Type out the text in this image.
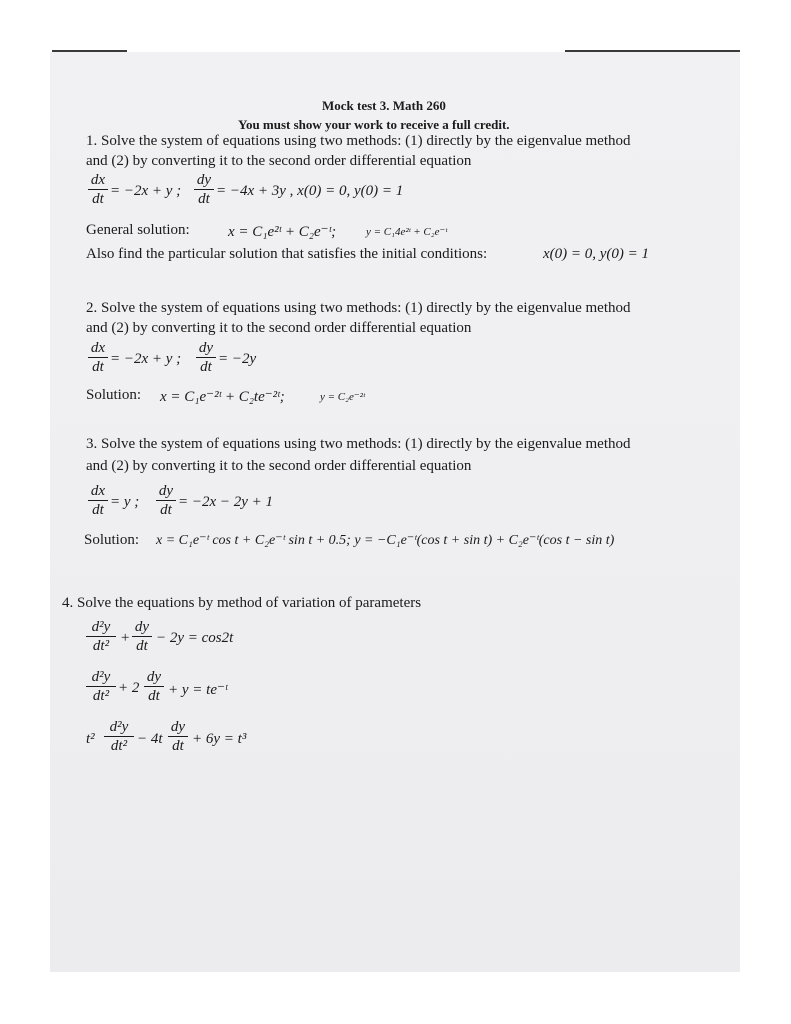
Mock test 3. Math 260
You must show your work to receive a full credit.
1. Solve the system of equations using two methods: (1) directly by the eigenvalue method
and (2) by converting it to the second order differential equation
dx
dt = −2x + y ;
dy
dt = −4x + 3y , x(0) = 0, y(0) = 1
General solution:	x = C₁e²ᵗ + C₂e⁻ᵗ;	y = C₁4e²ᵗ + C₂e⁻ᵗ
Also find the particular solution that satisfies the initial conditions:	x(0) = 0, y(0) = 1
2. Solve the system of equations using two methods: (1) directly by the eigenvalue method
and (2) by converting it to the second order differential equation
dx
dt = −2x + y ;
dy
dt = −2y
Solution: x = C₁e⁻²ᵗ + C₂te⁻²ᵗ;	y = C₂e⁻²ᵗ
3. Solve the system of equations using two methods: (1) directly by the eigenvalue method
and (2) by converting it to the second order differential equation
dx
dt = y ;
dy
dt = −2x − 2y + 1
Solution: x = C₁e⁻ᵗ cos t + C₂e⁻ᵗ sin t + 0.5; y = −C₁e⁻ᵗ(cos t + sin t) + C₂e⁻ᵗ(cos t − sin t)
4. Solve the equations by method of variation of parameters
d²y
dt² +
dy
dt − 2y = cos2t
d²y
dt² + 2
dy
dt + y = te⁻ᵗ
t²
d²y
dt² − 4t
dy
dt + 6y = t³
